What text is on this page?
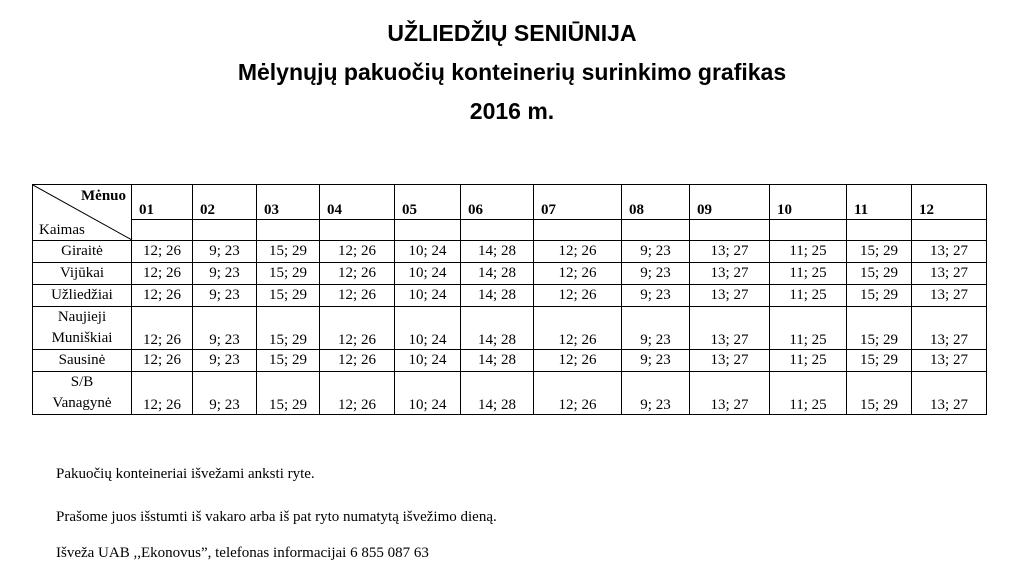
UŽLIEDŽIŲ SENIŪNIJA
Mėlynųjų pakuočių konteinerių surinkimo grafikas
2016 m.
Mėnuo
Kaimas	01	02	03	04	05	06	07	08	09	10	11	12

Giraitė	12; 26	9; 23	15; 29	12; 26	10; 24	14; 28	12; 26	9; 23	13; 27	11; 25	15; 29	13; 27

Vijūkai	12; 26	9; 23	15; 29	12; 26	10; 24	14; 28	12; 26	9; 23	13; 27	11; 25	15; 29	13; 27

Užliedžiai	12; 26	9; 23	15; 29	12; 26	10; 24	14; 28	12; 26	9; 23	13; 27	11; 25	15; 29	13; 27

Naujieji
Muniškiai	12; 26	9; 23	15; 29	12; 26	10; 24	14; 28	12; 26	9; 23	13; 27	11; 25	15; 29	13; 27

Sausinė	12; 26	9; 23	15; 29	12; 26	10; 24	14; 28	12; 26	9; 23	13; 27	11; 25	15; 29	13; 27

S/B
Vanagynė	12; 26	9; 23	15; 29	12; 26	10; 24	14; 28	12; 26	9; 23	13; 27	11; 25	15; 29	13; 27
Pakuočių konteineriai išvežami anksti ryte.
Prašome juos išstumti iš vakaro arba iš pat ryto numatytą išvežimo dieną.
Išveža UAB ,,Ekonovus”, telefonas informacijai 6 855 087 63
